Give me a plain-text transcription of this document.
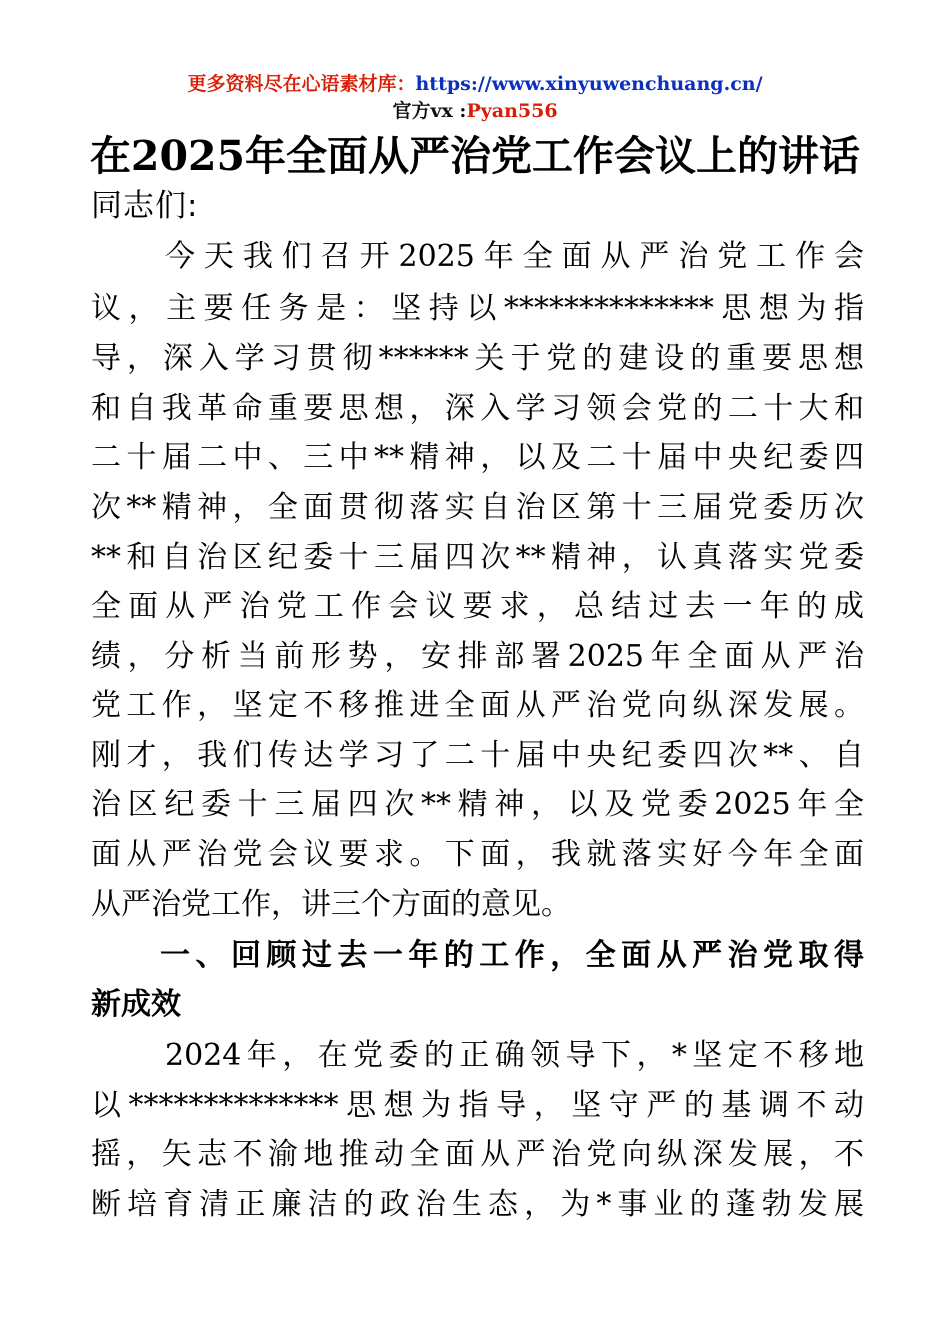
更多资料尽在心语素材库：https://www.xinyuwenchuang.cn/
官方vx :Pyan556
在2025年全面从严治党工作会议上的讲话
同志们:
今天我们召开2025年全面从严治党工作会
议，主要任务是：坚持以**************思想为指
导，深入学习贯彻******关于党的建设的重要思想
和自我革命重要思想，深入学习领会党的二十大和
二十届二中、三中**精神，以及二十届中央纪委四
次**精神，全面贯彻落实自治区第十三届党委历次
**和自治区纪委十三届四次**精神，认真落实党委
全面从严治党工作会议要求，总结过去一年的成
绩，分析当前形势，安排部署2025年全面从严治
党工作，坚定不移推进全面从严治党向纵深发展。
刚才，我们传达学习了二十届中央纪委四次**、自
治区纪委十三届四次**精神，以及党委2025年全
面从严治党会议要求。下面，我就落实好今年全面
从严治党工作，讲三个方面的意见。
一、回顾过去一年的工作，全面从严治党取得
新成效
2024年，在党委的正确领导下，*坚定不移地
以**************思想为指导，坚守严的基调不动
摇，矢志不渝地推动全面从严治党向纵深发展，不
断培育清正廉洁的政治生态，为*事业的蓬勃发展
